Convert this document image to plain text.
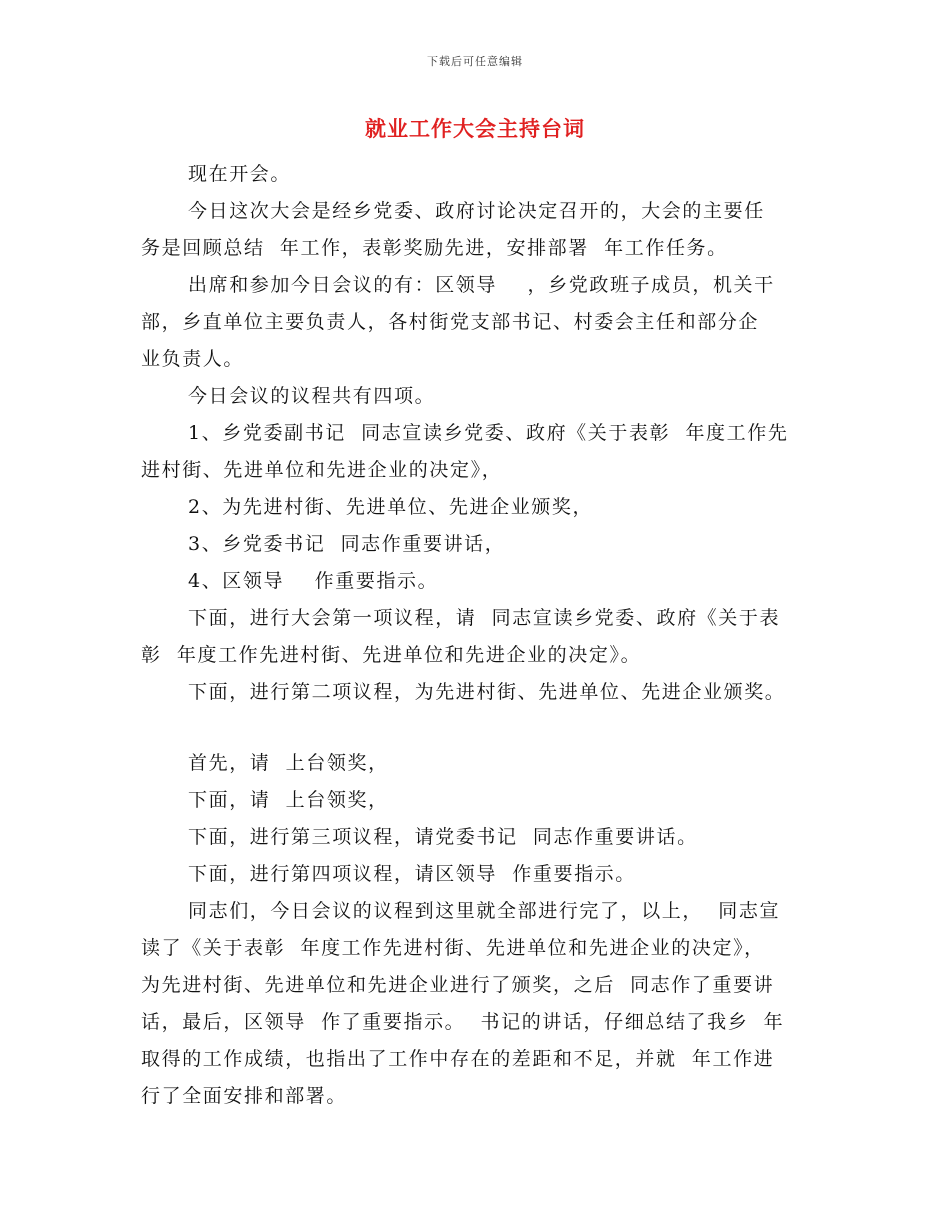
下载后可任意编辑
就业工作大会主持台词
现在开会。
今日这次大会是经乡党委、政府讨论决定召开的，大会的主要任
务是回顾总结  年工作，表彰奖励先进，安排部署  年工作任务。
出席和参加今日会议的有：区领导    ，乡党政班子成员，机关干
部，乡直单位主要负责人，各村街党支部书记、村委会主任和部分企
业负责人。
今日会议的议程共有四项。
1、乡党委副书记  同志宣读乡党委、政府《关于表彰  年度工作先
进村街、先进单位和先进企业的决定》，
2、为先进村街、先进单位、先进企业颁奖，
3、乡党委书记  同志作重要讲话，
4、区领导    作重要指示。
下面，进行大会第一项议程，请  同志宣读乡党委、政府《关于表
彰  年度工作先进村街、先进单位和先进企业的决定》。
下面，进行第二项议程，为先进村街、先进单位、先进企业颁奖。
首先，请  上台领奖，
下面，请  上台领奖，
下面，进行第三项议程，请党委书记  同志作重要讲话。
下面，进行第四项议程，请区领导  作重要指示。
同志们，今日会议的议程到这里就全部进行完了，以上，  同志宣
读了《关于表彰  年度工作先进村街、先进单位和先进企业的决定》，
为先进村街、先进单位和先进企业进行了颁奖，之后  同志作了重要讲
话，最后，区领导  作了重要指示。  书记的讲话，仔细总结了我乡  年
取得的工作成绩，也指出了工作中存在的差距和不足，并就  年工作进
行了全面安排和部署。
